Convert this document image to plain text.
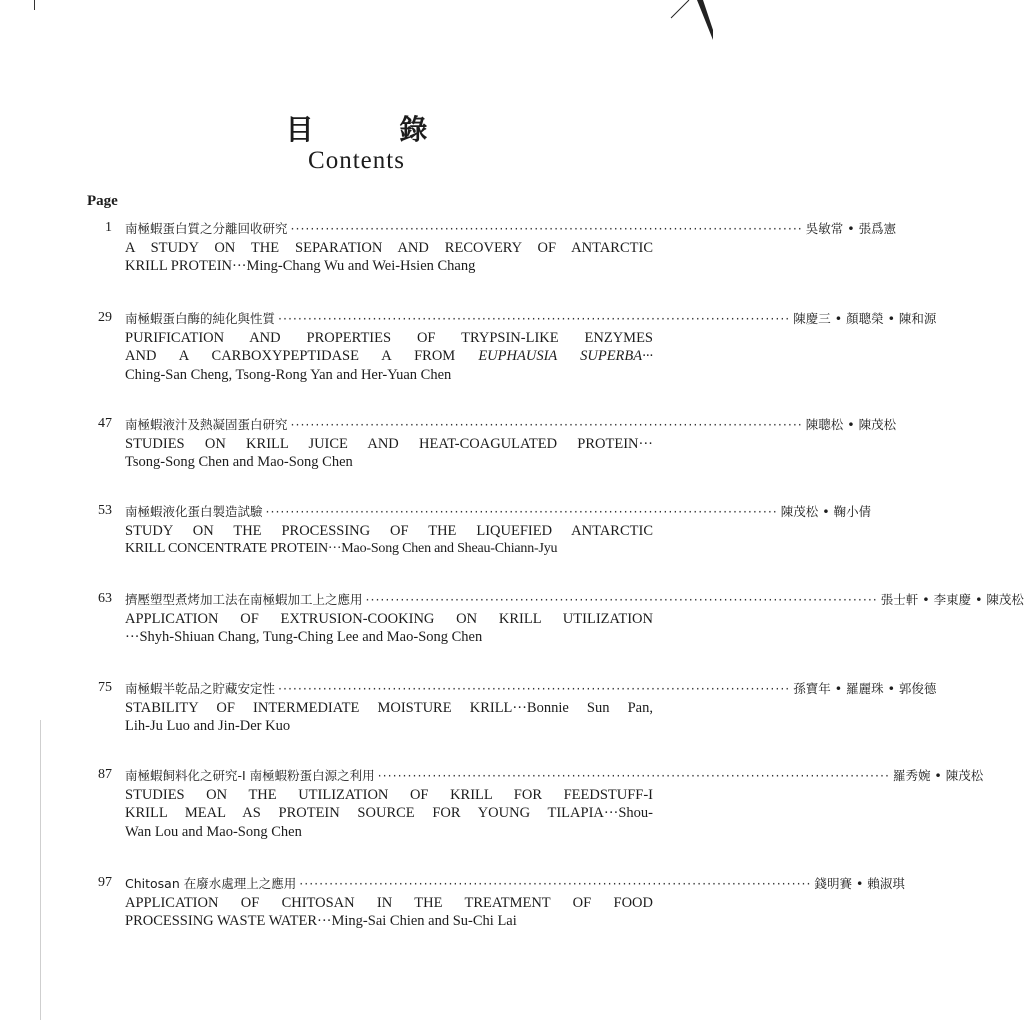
目 錄
Contents
Page
1 南極蝦蛋白質之分離回收研究 ······································································································· 吳敏常 • 張爲憲
A STUDY ON THE SEPARATION AND RECOVERY OF ANTARCTIC
KRILL PROTEIN···Ming-Chang Wu and Wei-Hsien Chang
29 南極蝦蛋白酶的純化與性質 ······································································································· 陳慶三 • 顏聰榮 • 陳和源
PURIFICATION AND PROPERTIES OF TRYPSIN-LIKE ENZYMES
AND A CARBOXYPEPTIDASE A FROM EUPHAUSIA SUPERBA···
Ching-San Cheng, Tsong-Rong Yan and Her-Yuan Chen
47 南極蝦液汁及熱凝固蛋白研究 ······································································································· 陳聰松 • 陳茂松
STUDIES ON KRILL JUICE AND HEAT-COAGULATED PROTEIN···
Tsong-Song Chen and Mao-Song Chen
53 南極蝦液化蛋白製造試驗 ······································································································· 陳茂松 • 鞠小倩
STUDY ON THE PROCESSING OF THE LIQUEFIED ANTARCTIC
KRILL CONCENTRATE PROTEIN···Mao-Song Chen and Sheau-Chiann-Jyu
63 擠壓塑型煮烤加工法在南極蝦加工上之應用 ······································································································· 張士軒 • 李東慶 • 陳茂松
APPLICATION OF EXTRUSION-COOKING ON KRILL UTILIZATION
···Shyh-Shiuan Chang, Tung-Ching Lee and Mao-Song Chen
75 南極蝦半乾品之貯藏安定性 ······································································································· 孫寶年 • 羅麗珠 • 郭俊德
STABILITY OF INTERMEDIATE MOISTURE KRILL···Bonnie Sun Pan,
Lih-Ju Luo and Jin-Der Kuo
87 南極蝦飼料化之研究-I 南極蝦粉蛋白源之利用 ······································································································· 羅秀婉 • 陳茂松
STUDIES ON THE UTILIZATION OF KRILL FOR FEEDSTUFF-I
KRILL MEAL AS PROTEIN SOURCE FOR YOUNG TILAPIA···Shou-
Wan Lou and Mao-Song Chen
97 Chitosan 在廢水處理上之應用 ······································································································· 錢明賽 • 賴淑琪
APPLICATION OF CHITOSAN IN THE TREATMENT OF FOOD
PROCESSING WASTE WATER···Ming-Sai Chien and Su-Chi Lai
